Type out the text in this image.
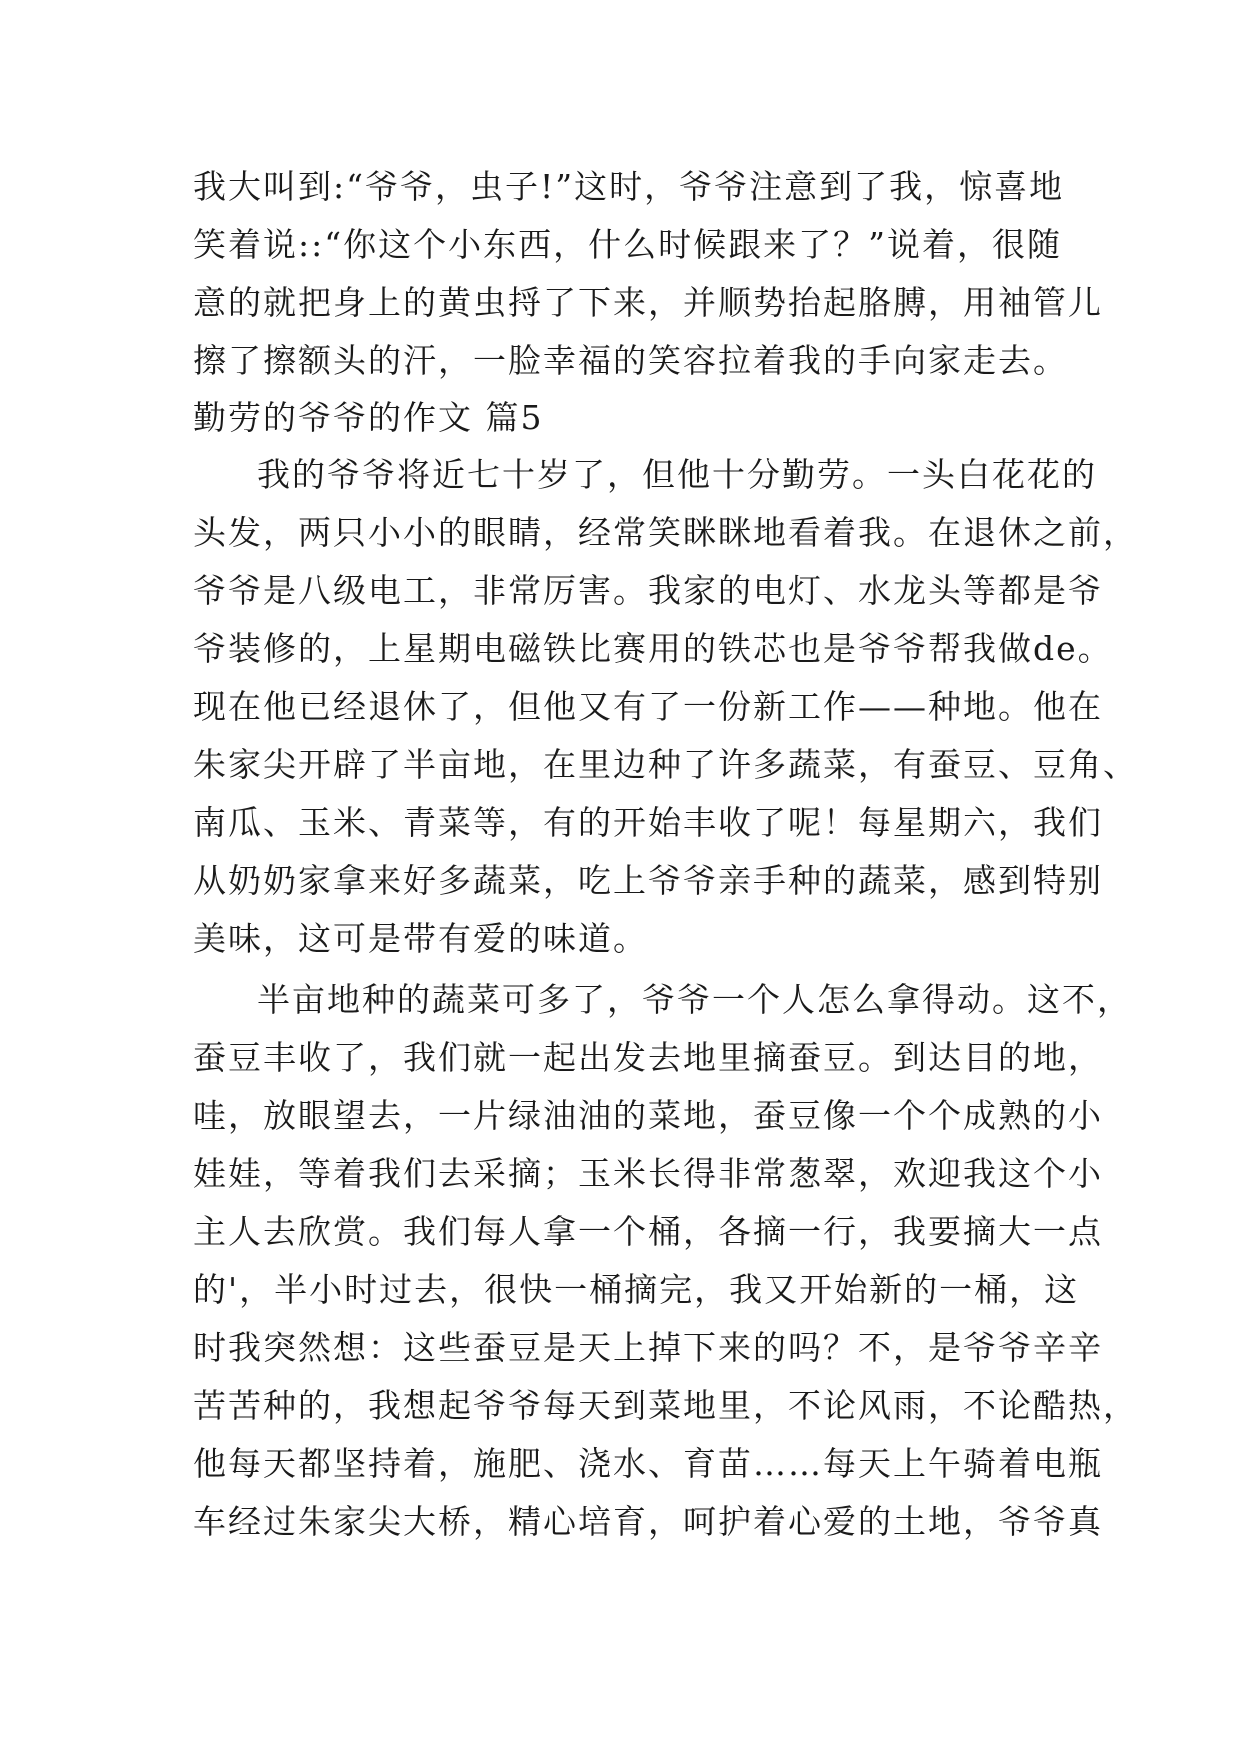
我大叫到:“爷爷，虫子!”这时，爷爷注意到了我，惊喜地
笑着说::“你这个小东西，什么时候跟来了？”说着，很随
意的就把身上的黄虫捋了下来，并顺势抬起胳膊，用袖管儿
擦了擦额头的汗，一脸幸福的笑容拉着我的手向家走去。
勤劳的爷爷的作文 篇5
我的爷爷将近七十岁了，但他十分勤劳。一头白花花的
头发，两只小小的眼睛，经常笑眯眯地看着我。在退休之前，
爷爷是八级电工，非常厉害。我家的电灯、水龙头等都是爷
爷装修的，上星期电磁铁比赛用的铁芯也是爷爷帮我做de。
现在他已经退休了，但他又有了一份新工作——种地。他在
朱家尖开辟了半亩地，在里边种了许多蔬菜，有蚕豆、豆角、
南瓜、玉米、青菜等，有的开始丰收了呢！每星期六，我们
从奶奶家拿来好多蔬菜，吃上爷爷亲手种的蔬菜，感到特别
美味，这可是带有爱的味道。
半亩地种的蔬菜可多了，爷爷一个人怎么拿得动。这不，
蚕豆丰收了，我们就一起出发去地里摘蚕豆。到达目的地，
哇，放眼望去，一片绿油油的菜地，蚕豆像一个个成熟的小
娃娃，等着我们去采摘；玉米长得非常葱翠，欢迎我这个小
主人去欣赏。我们每人拿一个桶，各摘一行，我要摘大一点
的'，半小时过去，很快一桶摘完，我又开始新的一桶，这
时我突然想：这些蚕豆是天上掉下来的吗？不，是爷爷辛辛
苦苦种的，我想起爷爷每天到菜地里，不论风雨，不论酷热，
他每天都坚持着，施肥、浇水、育苗……每天上午骑着电瓶
车经过朱家尖大桥，精心培育，呵护着心爱的土地，爷爷真
